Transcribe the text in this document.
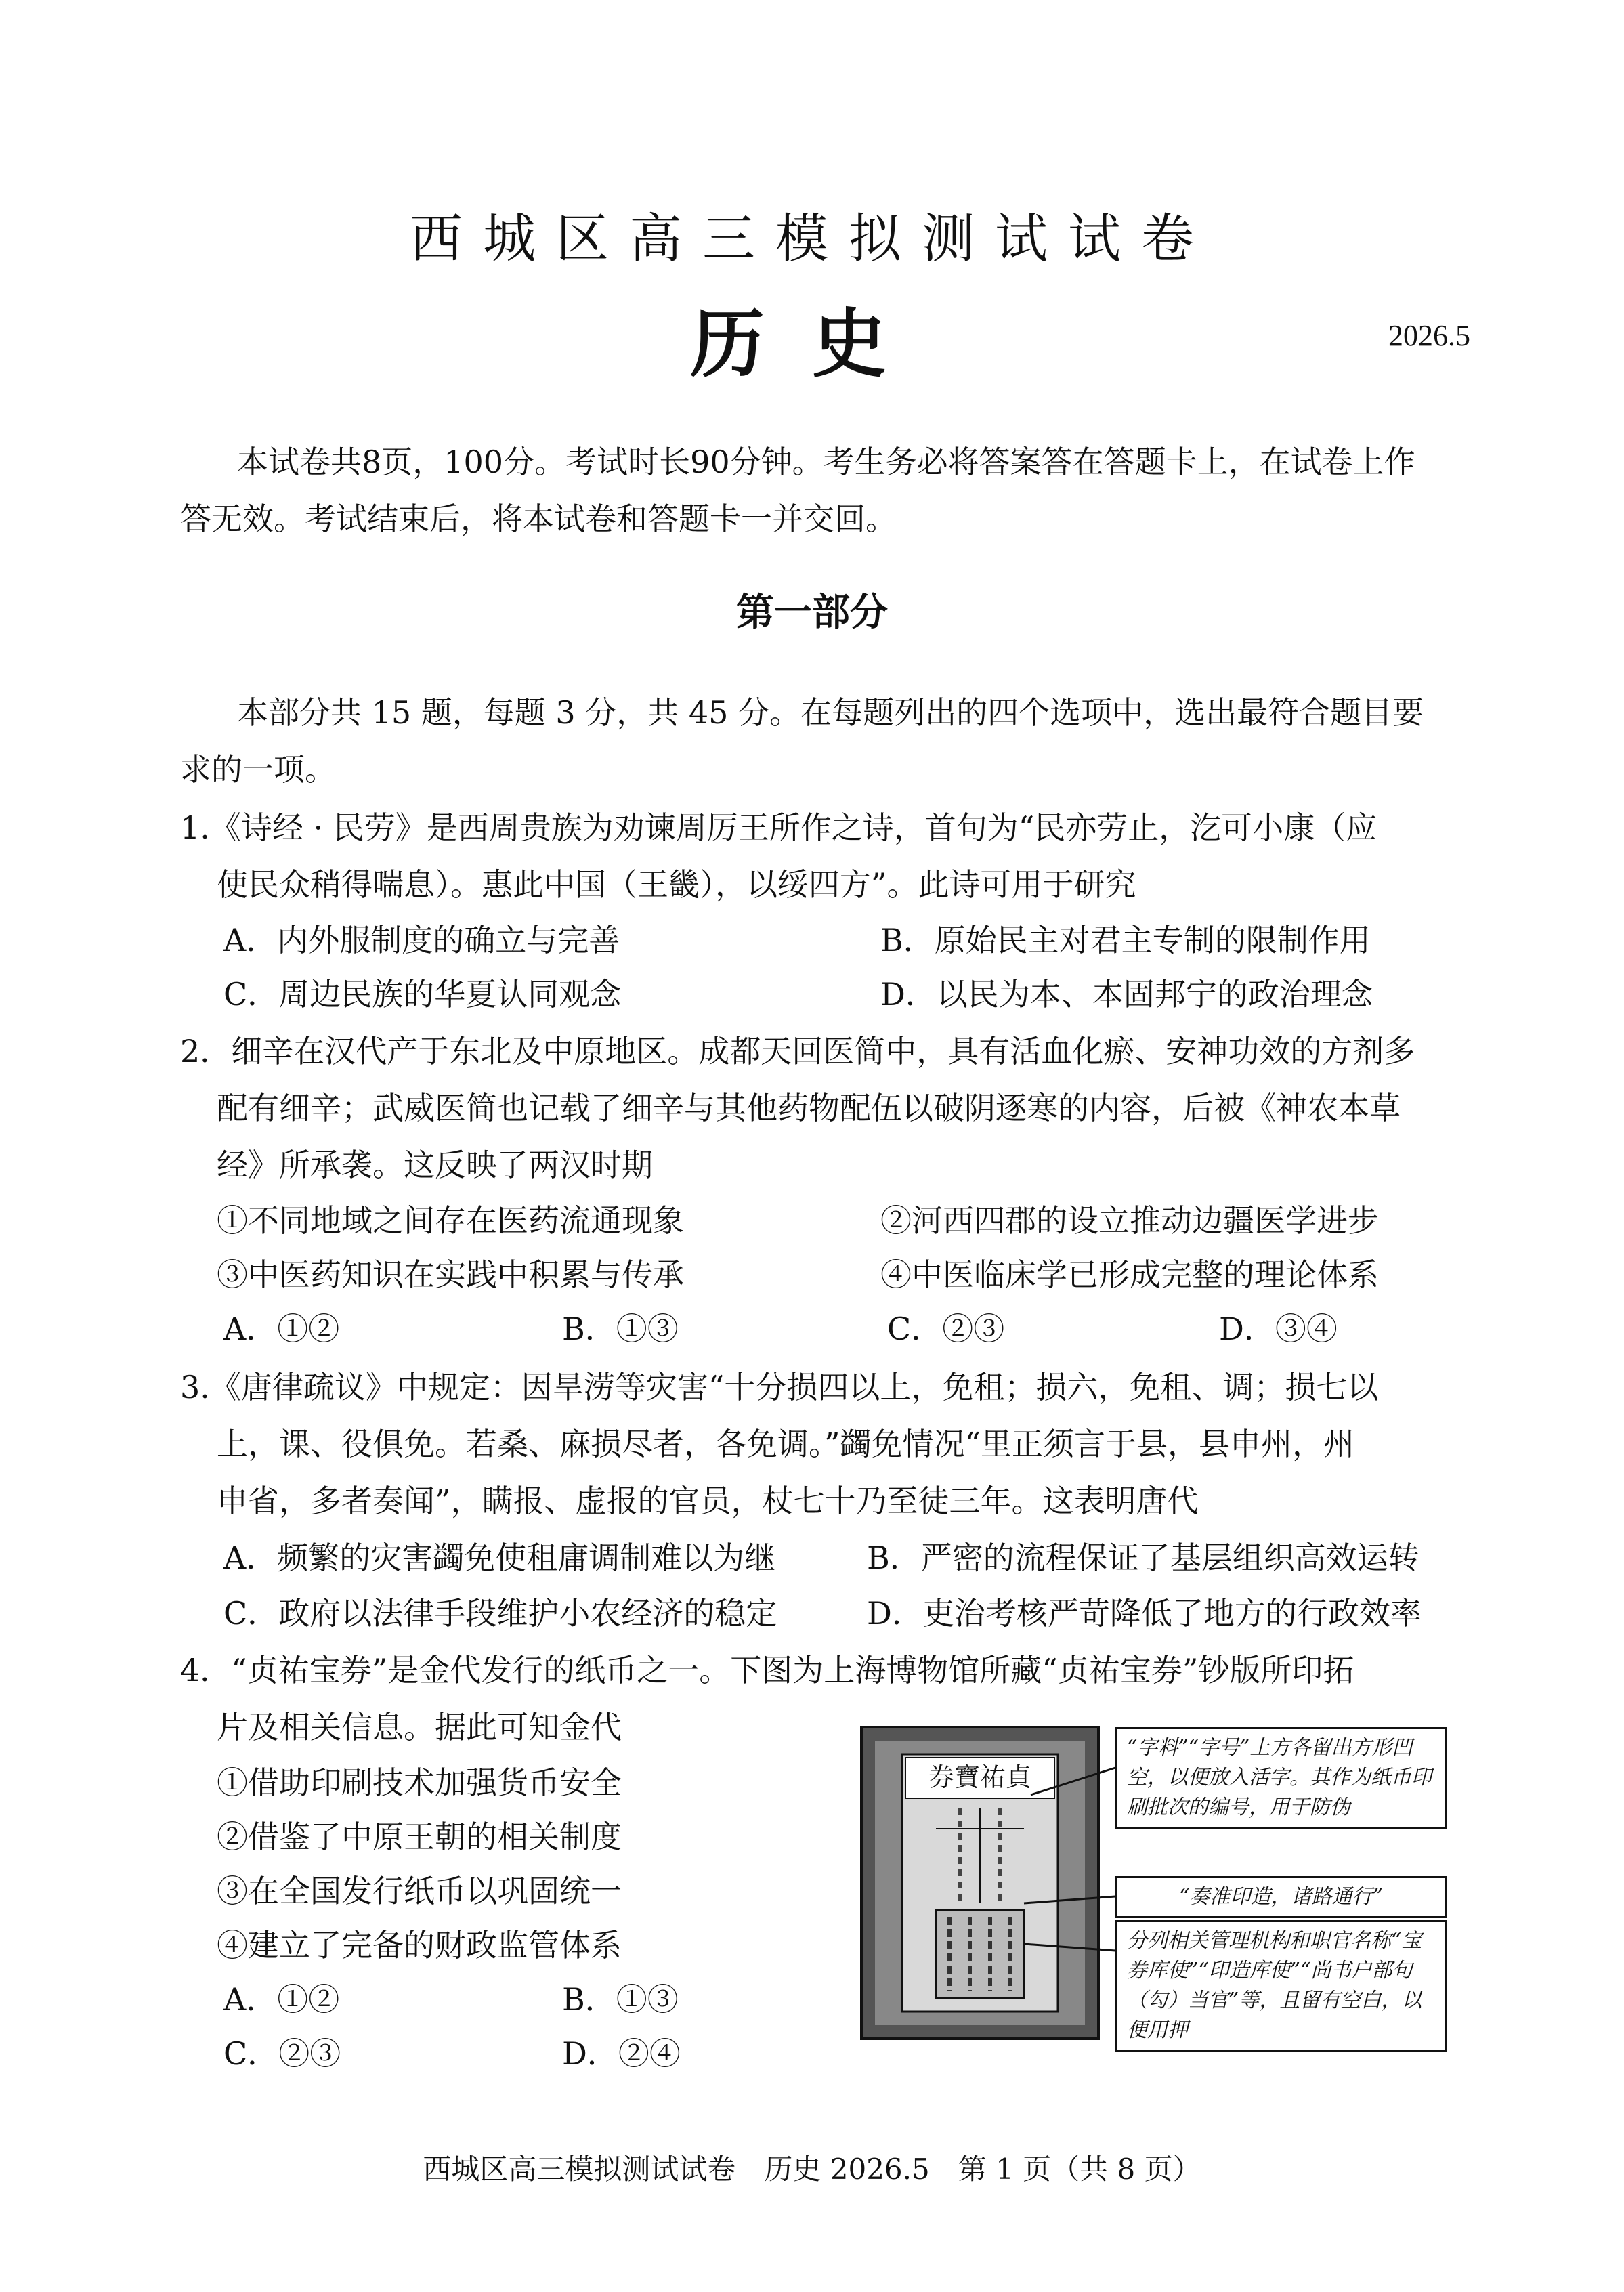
西城区高三模拟测试试卷
历史	2026.5
本试卷共8页，100分。考试时长90分钟。考生务必将答案答在答题卡上，在试卷上作
答无效。考试结束后，将本试卷和答题卡一并交回。
第一部分
本部分共 15 题，每题 3 分，共 45 分。在每题列出的四个选项中，选出最符合题目要
求的一项。
1.《诗经 · 民劳》是西周贵族为劝谏周厉王所作之诗，首句为“民亦劳止，汔可小康（应
使民众稍得喘息）。惠此中国（王畿），以绥四方”。此诗可用于研究
A．内外服制度的确立与完善	B．原始民主对君主专制的限制作用
C．周边民族的华夏认同观念	D．以民为本、本固邦宁的政治理念
2．细辛在汉代产于东北及中原地区。成都天回医简中，具有活血化瘀、安神功效的方剂多
配有细辛；武威医简也记载了细辛与其他药物配伍以破阴逐寒的内容，后被《神农本草
经》所承袭。这反映了两汉时期
①不同地域之间存在医药流通现象	②河西四郡的设立推动边疆医学进步
③中医药知识在实践中积累与传承	④中医临床学已形成完整的理论体系
A．①②	B．①③	C．②③	D．③④
3.《唐律疏议》中规定：因旱涝等灾害“十分损四以上，免租；损六，免租、调；损七以
上，课、役俱免。若桑、麻损尽者，各免调。”蠲免情况“里正须言于县，县申州，州
申省，多者奏闻”，瞒报、虚报的官员，杖七十乃至徒三年。这表明唐代
A．频繁的灾害蠲免使租庸调制难以为继	B．严密的流程保证了基层组织高效运转
C．政府以法律手段维护小农经济的稳定	D．吏治考核严苛降低了地方的行政效率
4．“贞祐宝券”是金代发行的纸币之一。下图为上海博物馆所藏“贞祐宝券”钞版所印拓
片及相关信息。据此可知金代
①借助印刷技术加强货币安全
②借鉴了中原王朝的相关制度
③在全国发行纸币以巩固统一
④建立了完备的财政监管体系
A．①②	B．①③
C．②③	D．②④
券寶祐貞
“字料”“字号”上方各留出方形凹空，以便放入活字。其作为纸币印刷批次的编号，用于防伪
“奏准印造，诸路通行”
分列相关管理机构和职官名称“宝券库使”“印造库使”“尚书户部句（勾）当官”等，且留有空白，以便用押
西城区高三模拟测试试卷　历史 2026.5　第 1 页（共 8 页）
